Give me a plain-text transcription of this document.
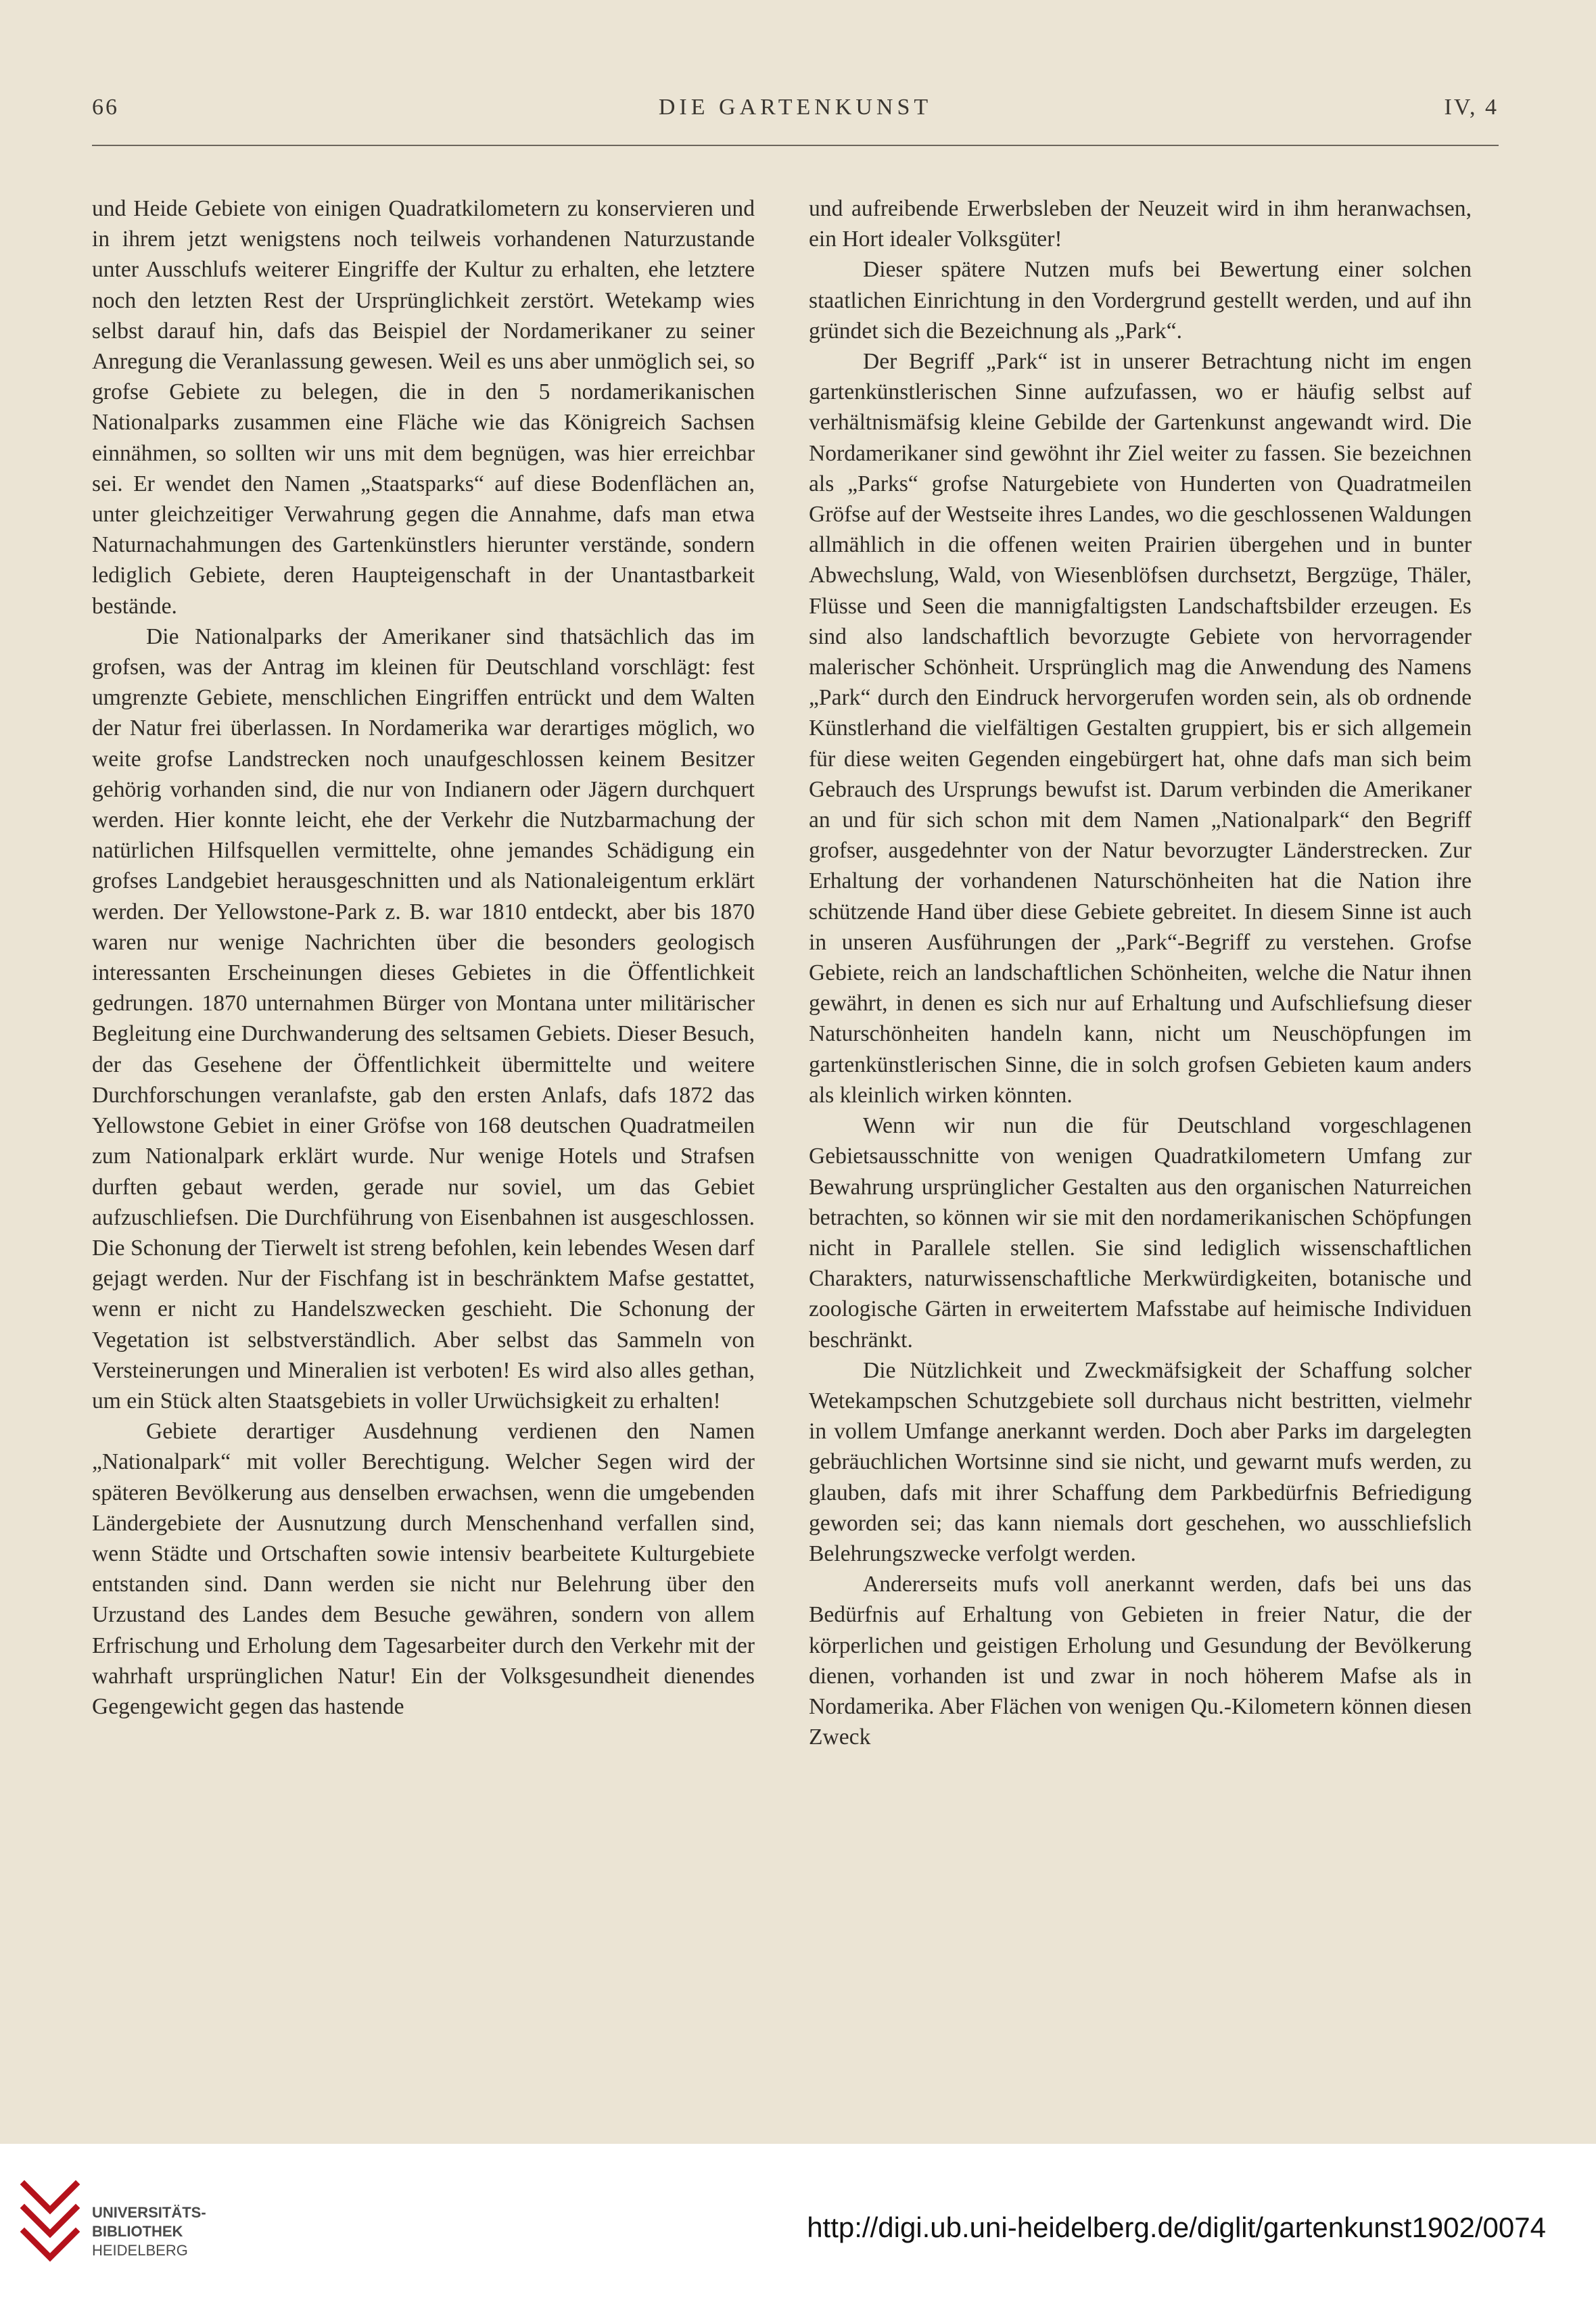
66	DIE GARTENKUNST	IV, 4

und Heide Gebiete von einigen Quadratkilometern zu konservieren und in ihrem jetzt wenigstens noch teilweis vorhandenen Naturzustande unter Ausschlufs weiterer Eingriffe der Kultur zu erhalten, ehe letztere noch den letzten Rest der Ursprünglichkeit zerstört. Wetekamp wies selbst darauf hin, dafs das Beispiel der Nordamerikaner zu seiner Anregung die Veranlassung gewesen. Weil es uns aber unmöglich sei, so grofse Gebiete zu belegen, die in den 5 nordamerikanischen Nationalparks zusammen eine Fläche wie das Königreich Sachsen einnähmen, so sollten wir uns mit dem begnügen, was hier erreichbar sei. Er wendet den Namen „Staatsparks“ auf diese Bodenflächen an, unter gleichzeitiger Verwahrung gegen die Annahme, dafs man etwa Naturnachahmungen des Gartenkünstlers hierunter verstände, sondern lediglich Gebiete, deren Haupteigenschaft in der Unantastbarkeit bestände.

Die Nationalparks der Amerikaner sind thatsächlich das im grofsen, was der Antrag im kleinen für Deutschland vorschlägt: fest umgrenzte Gebiete, menschlichen Eingriffen entrückt und dem Walten der Natur frei überlassen. In Nordamerika war derartiges möglich, wo weite grofse Landstrecken noch unaufgeschlossen keinem Besitzer gehörig vorhanden sind, die nur von Indianern oder Jägern durchquert werden. Hier konnte leicht, ehe der Verkehr die Nutzbarmachung der natürlichen Hilfsquellen vermittelte, ohne jemandes Schädigung ein grofses Landgebiet herausgeschnitten und als Nationaleigentum erklärt werden. Der Yellowstone-Park z. B. war 1810 entdeckt, aber bis 1870 waren nur wenige Nachrichten über die besonders geologisch interessanten Erscheinungen dieses Gebietes in die Öffentlichkeit gedrungen. 1870 unternahmen Bürger von Montana unter militärischer Begleitung eine Durchwanderung des seltsamen Gebiets. Dieser Besuch, der das Gesehene der Öffentlichkeit übermittelte und weitere Durchforschungen veranlafste, gab den ersten Anlafs, dafs 1872 das Yellowstone Gebiet in einer Gröfse von 168 deutschen Quadratmeilen zum Nationalpark erklärt wurde. Nur wenige Hotels und Strafsen durften gebaut werden, gerade nur soviel, um das Gebiet aufzuschliefsen. Die Durchführung von Eisenbahnen ist ausgeschlossen. Die Schonung der Tierwelt ist streng befohlen, kein lebendes Wesen darf gejagt werden. Nur der Fischfang ist in beschränktem Mafse gestattet, wenn er nicht zu Handelszwecken geschieht. Die Schonung der Vegetation ist selbstverständlich. Aber selbst das Sammeln von Versteinerungen und Mineralien ist verboten! Es wird also alles gethan, um ein Stück alten Staatsgebiets in voller Urwüchsigkeit zu erhalten!

Gebiete derartiger Ausdehnung verdienen den Namen „Nationalpark“ mit voller Berechtigung. Welcher Segen wird der späteren Bevölkerung aus denselben erwachsen, wenn die umgebenden Ländergebiete der Ausnutzung durch Menschenhand verfallen sind, wenn Städte und Ortschaften sowie intensiv bearbeitete Kulturgebiete entstanden sind. Dann werden sie nicht nur Belehrung über den Urzustand des Landes dem Besuche gewähren, sondern von allem Erfrischung und Erholung dem Tagesarbeiter durch den Verkehr mit der wahrhaft ursprünglichen Natur! Ein der Volksgesundheit dienendes Gegengewicht gegen das hastende

und aufreibende Erwerbsleben der Neuzeit wird in ihm heranwachsen, ein Hort idealer Volksgüter!

Dieser spätere Nutzen mufs bei Bewertung einer solchen staatlichen Einrichtung in den Vordergrund gestellt werden, und auf ihn gründet sich die Bezeichnung als „Park“.

Der Begriff „Park“ ist in unserer Betrachtung nicht im engen gartenkünstlerischen Sinne aufzufassen, wo er häufig selbst auf verhältnismäfsig kleine Gebilde der Gartenkunst angewandt wird. Die Nordamerikaner sind gewöhnt ihr Ziel weiter zu fassen. Sie bezeichnen als „Parks“ grofse Naturgebiete von Hunderten von Quadratmeilen Gröfse auf der Westseite ihres Landes, wo die geschlossenen Waldungen allmählich in die offenen weiten Prairien übergehen und in bunter Abwechslung, Wald, von Wiesenblöfsen durchsetzt, Bergzüge, Thäler, Flüsse und Seen die mannigfaltigsten Landschaftsbilder erzeugen. Es sind also landschaftlich bevorzugte Gebiete von hervorragender malerischer Schönheit. Ursprünglich mag die Anwendung des Namens „Park“ durch den Eindruck hervorgerufen worden sein, als ob ordnende Künstlerhand die vielfältigen Gestalten gruppiert, bis er sich allgemein für diese weiten Gegenden eingebürgert hat, ohne dafs man sich beim Gebrauch des Ursprungs bewufst ist. Darum verbinden die Amerikaner an und für sich schon mit dem Namen „Nationalpark“ den Begriff grofser, ausgedehnter von der Natur bevorzugter Länderstrecken. Zur Erhaltung der vorhandenen Naturschönheiten hat die Nation ihre schützende Hand über diese Gebiete gebreitet. In diesem Sinne ist auch in unseren Ausführungen der „Park“-Begriff zu verstehen. Grofse Gebiete, reich an landschaftlichen Schönheiten, welche die Natur ihnen gewährt, in denen es sich nur auf Erhaltung und Aufschliefsung dieser Naturschönheiten handeln kann, nicht um Neuschöpfungen im gartenkünstlerischen Sinne, die in solch grofsen Gebieten kaum anders als kleinlich wirken könnten.

Wenn wir nun die für Deutschland vorgeschlagenen Gebietsausschnitte von wenigen Quadratkilometern Umfang zur Bewahrung ursprünglicher Gestalten aus den organischen Naturreichen betrachten, so können wir sie mit den nordamerikanischen Schöpfungen nicht in Parallele stellen. Sie sind lediglich wissenschaftlichen Charakters, naturwissenschaftliche Merkwürdigkeiten, botanische und zoologische Gärten in erweitertem Mafsstabe auf heimische Individuen beschränkt.

Die Nützlichkeit und Zweckmäfsigkeit der Schaffung solcher Wetekampschen Schutzgebiete soll durchaus nicht bestritten, vielmehr in vollem Umfange anerkannt werden. Doch aber Parks im dargelegten gebräuchlichen Wortsinne sind sie nicht, und gewarnt mufs werden, zu glauben, dafs mit ihrer Schaffung dem Parkbedürfnis Befriedigung geworden sei; das kann niemals dort geschehen, wo ausschliefslich Belehrungszwecke verfolgt werden.

Andererseits mufs voll anerkannt werden, dafs bei uns das Bedürfnis auf Erhaltung von Gebieten in freier Natur, die der körperlichen und geistigen Erholung und Gesundung der Bevölkerung dienen, vorhanden ist und zwar in noch höherem Mafse als in Nordamerika. Aber Flächen von wenigen Qu.-Kilometern können diesen Zweck

UNIVERSITÄTS-
BIBLIOTHEK
HEIDELBERG
http://digi.ub.uni-heidelberg.de/diglit/gartenkunst1902/0074
